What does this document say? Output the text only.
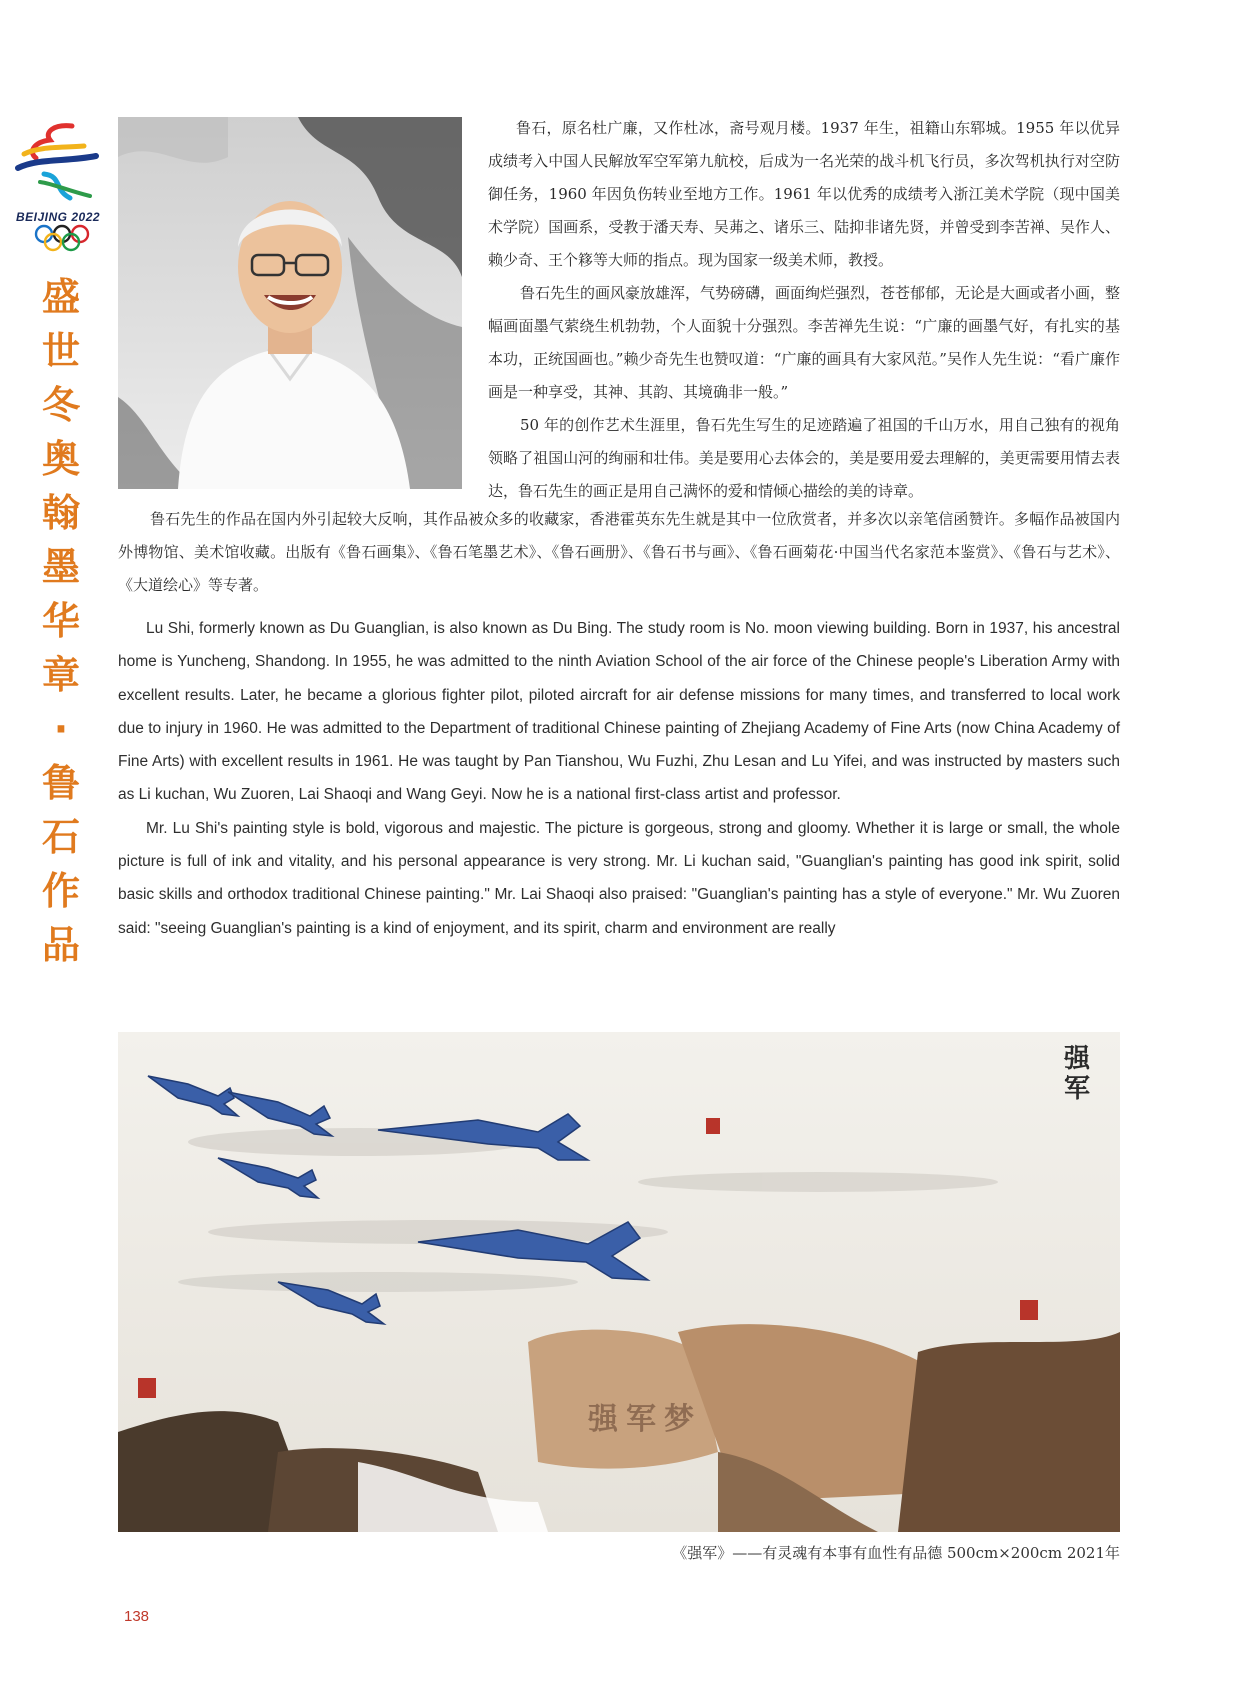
BEIJING 2022
盛世冬奥翰墨华章·鲁石作品

鲁石，原名杜广廉，又作杜冰，斋号观月楼。1937 年生，祖籍山东郓城。1955 年以优异成绩考入中国人民解放军空军第九航校，后成为一名光荣的战斗机飞行员，多次驾机执行对空防御任务，1960 年因负伤转业至地方工作。1961 年以优秀的成绩考入浙江美术学院（现中国美术学院）国画系，受教于潘天寿、吴茀之、诸乐三、陆抑非诸先贤，并曾受到李苦禅、吴作人、赖少奇、王个簃等大师的指点。现为国家一级美术师，教授。

鲁石先生的画风豪放雄浑，气势磅礴，画面绚烂强烈，苍苍郁郁，无论是大画或者小画，整幅画面墨气萦绕生机勃勃，个人面貌十分强烈。李苦禅先生说：“广廉的画墨气好，有扎实的基本功，正统国画也。”赖少奇先生也赞叹道：“广廉的画具有大家风范。”吴作人先生说：“看广廉作画是一种享受，其神、其韵、其境确非一般。”

50 年的创作艺术生涯里，鲁石先生写生的足迹踏遍了祖国的千山万水，用自己独有的视角领略了祖国山河的绚丽和壮伟。美是要用心去体会的，美是要用爱去理解的，美更需要用情去表达，鲁石先生的画正是用自己满怀的爱和情倾心描绘的美的诗章。

鲁石先生的作品在国内外引起较大反响，其作品被众多的收藏家，香港霍英东先生就是其中一位欣赏者，并多次以亲笔信函赞许。多幅作品被国内外博物馆、美术馆收藏。出版有《鲁石画集》、《鲁石笔墨艺术》、《鲁石画册》、《鲁石书与画》、《鲁石画菊花·中国当代名家范本鉴赏》、《鲁石与艺术》、《大道绘心》等专著。

Lu Shi, formerly known as Du Guanglian, is also known as Du Bing. The study room is No. moon viewing building. Born in 1937, his ancestral home is Yuncheng, Shandong. In 1955, he was admitted to the ninth Aviation School of the air force of the Chinese people's Liberation Army with excellent results. Later, he became a glorious fighter pilot, piloted aircraft for air defense missions for many times, and transferred to local work due to injury in 1960. He was admitted to the Department of traditional Chinese painting of Zhejiang Academy of Fine Arts (now China Academy of Fine Arts) with excellent results in 1961. He was taught by Pan Tianshou, Wu Fuzhi, Zhu Lesan and Lu Yifei, and was instructed by masters such as Li kuchan, Wu Zuoren, Lai Shaoqi and Wang Geyi. Now he is a national first-class artist and professor.

Mr. Lu Shi's painting style is bold, vigorous and majestic. The picture is gorgeous, strong and gloomy. Whether it is large or small, the whole picture is full of ink and vitality, and his personal appearance is very strong. Mr. Li kuchan said, "Guanglian's painting has good ink spirit, solid basic skills and orthodox traditional Chinese painting." Mr. Lai Shaoqi also praised: "Guanglian's painting has a style of everyone." Mr. Wu Zuoren said: "seeing Guanglian's painting is a kind of enjoyment, and its spirit, charm and environment are really

强军
强军梦
《强军》——有灵魂有本事有血性有品德 500cm×200cm 2021年
138
